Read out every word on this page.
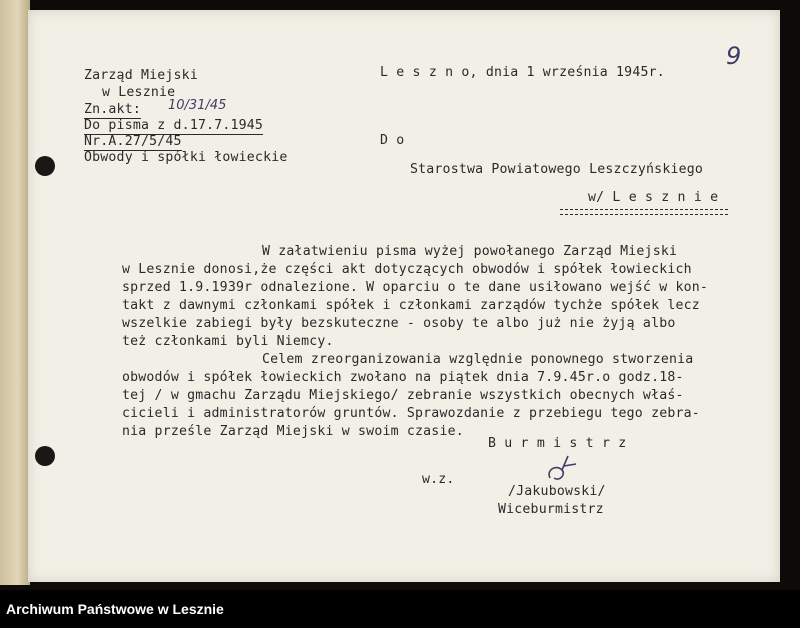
Zarząd Miejski
w Lesznie
Zn.akt: 10/31/45
Do pisma z d.17.7.1945
Nr.A.27/5/45
Obwody i spółki łowieckie
L e s z n o, dnia 1 września 1945r.
9
D o
Starostwa Powiatowego Leszczyńskiego
w/ L e s z n i e
W załatwieniu pisma wyżej powołanego Zarząd Miejski
w Lesznie donosi,że części akt dotyczących obwodów i spółek łowieckich
sprzed 1.9.1939r odnalezione. W oparciu o te dane usiłowano wejść w kon-
takt z dawnymi członkami spółek i członkami zarządów tychże spółek lecz
wszelkie zabiegi były bezskuteczne - osoby te albo już nie żyją albo
też członkami byli Niemcy.
Celem zreorganizowania względnie ponownego stworzenia
obwodów i spółek łowieckich zwołano na piątek dnia 7.9.45r.o godz.18-
tej / w gmachu Zarządu Miejskiego/ zebranie wszystkich obecnych właś-
cicieli i administratorów gruntów. Sprawozdanie z przebiegu tego zebra-
nia prześle Zarząd Miejski w swoim czasie.
B u r m i s t r z
w.z.
/Jakubowski/
Wiceburmistrz
Archiwum Państwowe w Lesznie
